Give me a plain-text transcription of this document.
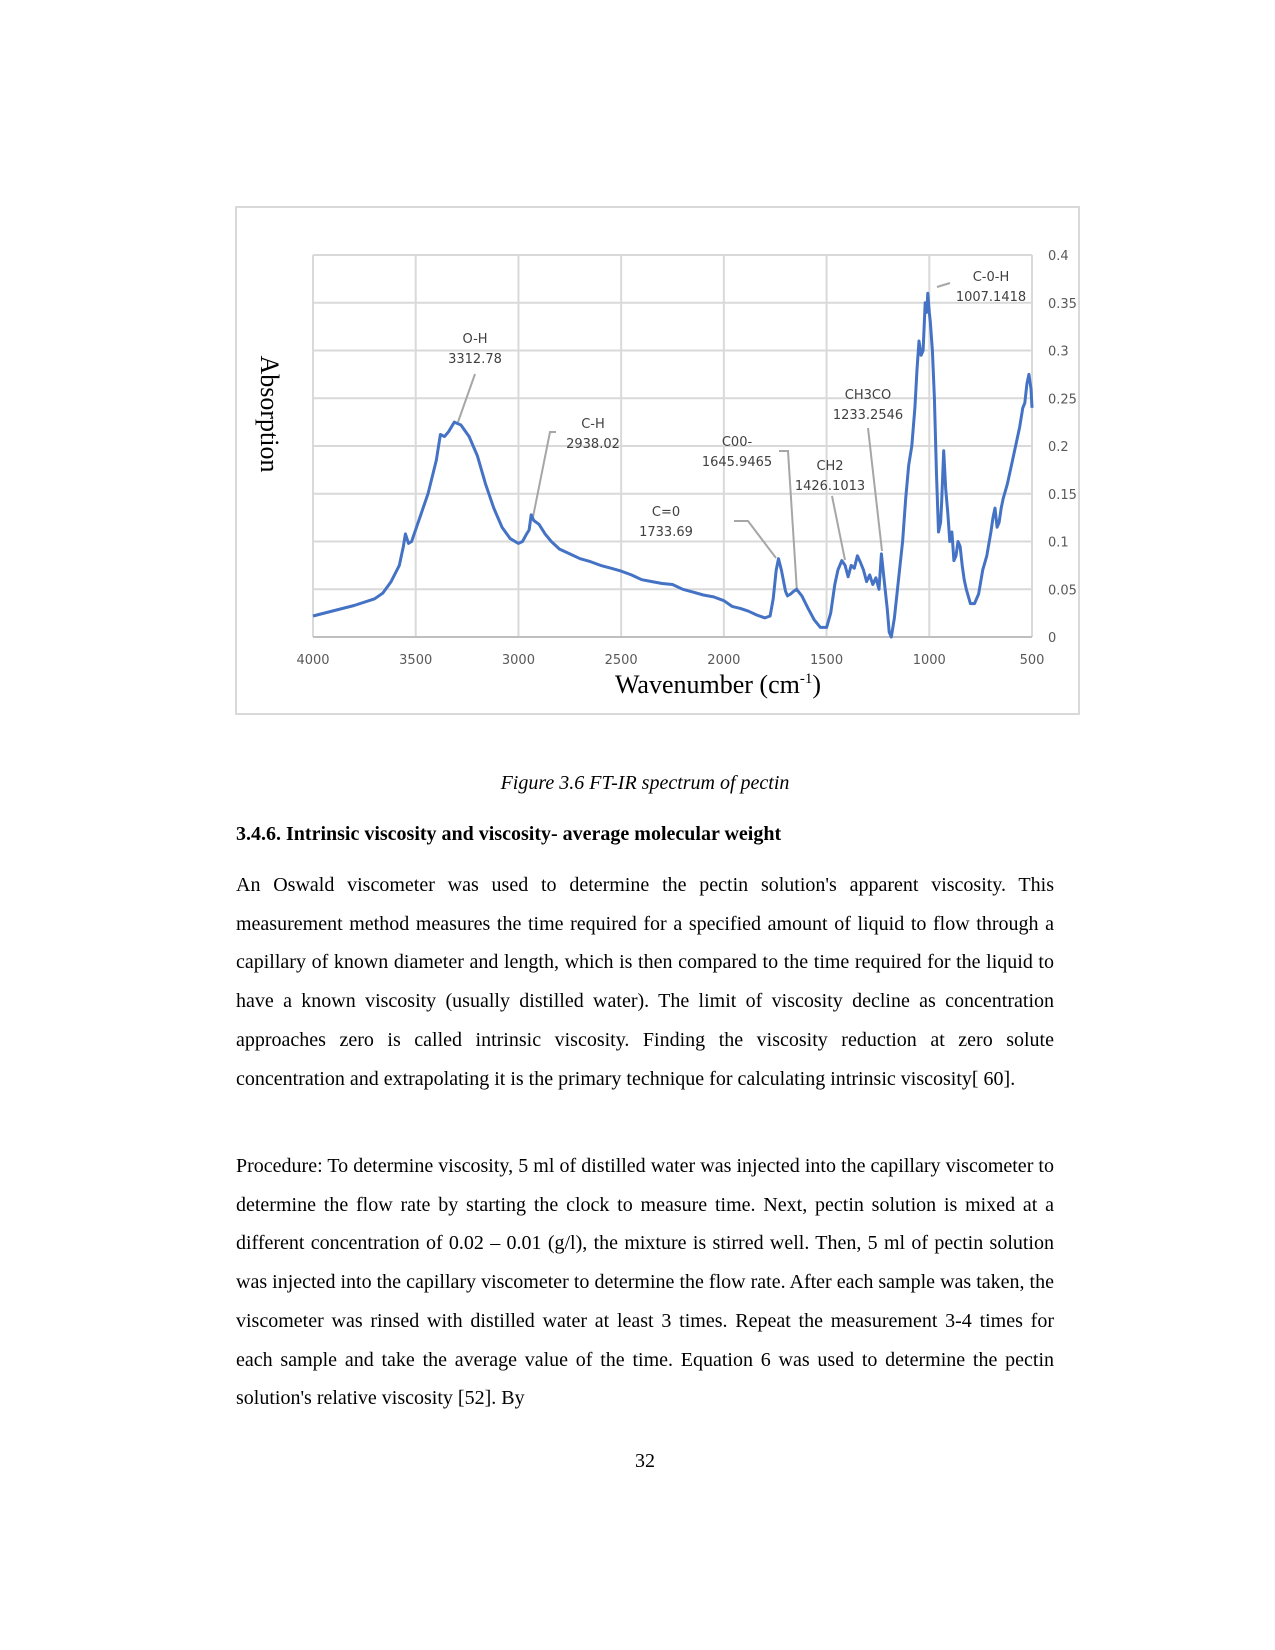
0
0.05
0.1
0.15
0.2
0.25
0.3
0.35
0.4
4000	3500	3000	2500	2000	1500	1000	500
O-H
3312.78
C-H
2938.02
C=0
1733.69
C00-
1645.9465	CH2
1426.1013
CH3CO
1233.2546
C-0-H
1007.1418
Absorption
Wavenumber $(cm^{-1})$
Figure 3.6 FT-IR spectrum of pectin
3.4.6. Intrinsic viscosity and viscosity- average molecular weight
An Oswald viscometer was used to determine the pectin solution's apparent viscosity. This measurement method measures the time required for a specified amount of liquid to flow through a capillary of known diameter and length, which is then compared to the time required for the liquid to have a known viscosity (usually distilled water). The limit of viscosity decline as concentration approaches zero is called intrinsic viscosity. Finding the viscosity reduction at zero solute concentration and extrapolating it is the primary technique for calculating intrinsic viscosity[ 60].
Procedure: To determine viscosity, 5 ml of distilled water was injected into the capillary viscometer to determine the flow rate by starting the clock to measure time. Next, pectin solution is mixed at a different concentration of 0.02 – 0.01 (g/l), the mixture is stirred well. Then, 5 ml of pectin solution was injected into the capillary viscometer to determine the flow rate. After each sample was taken, the viscometer was rinsed with distilled water at least 3 times. Repeat the measurement 3-4 times for each sample and take the average value of the time. Equation 6 was used to determine the pectin solution's relative viscosity [52]. By
32
